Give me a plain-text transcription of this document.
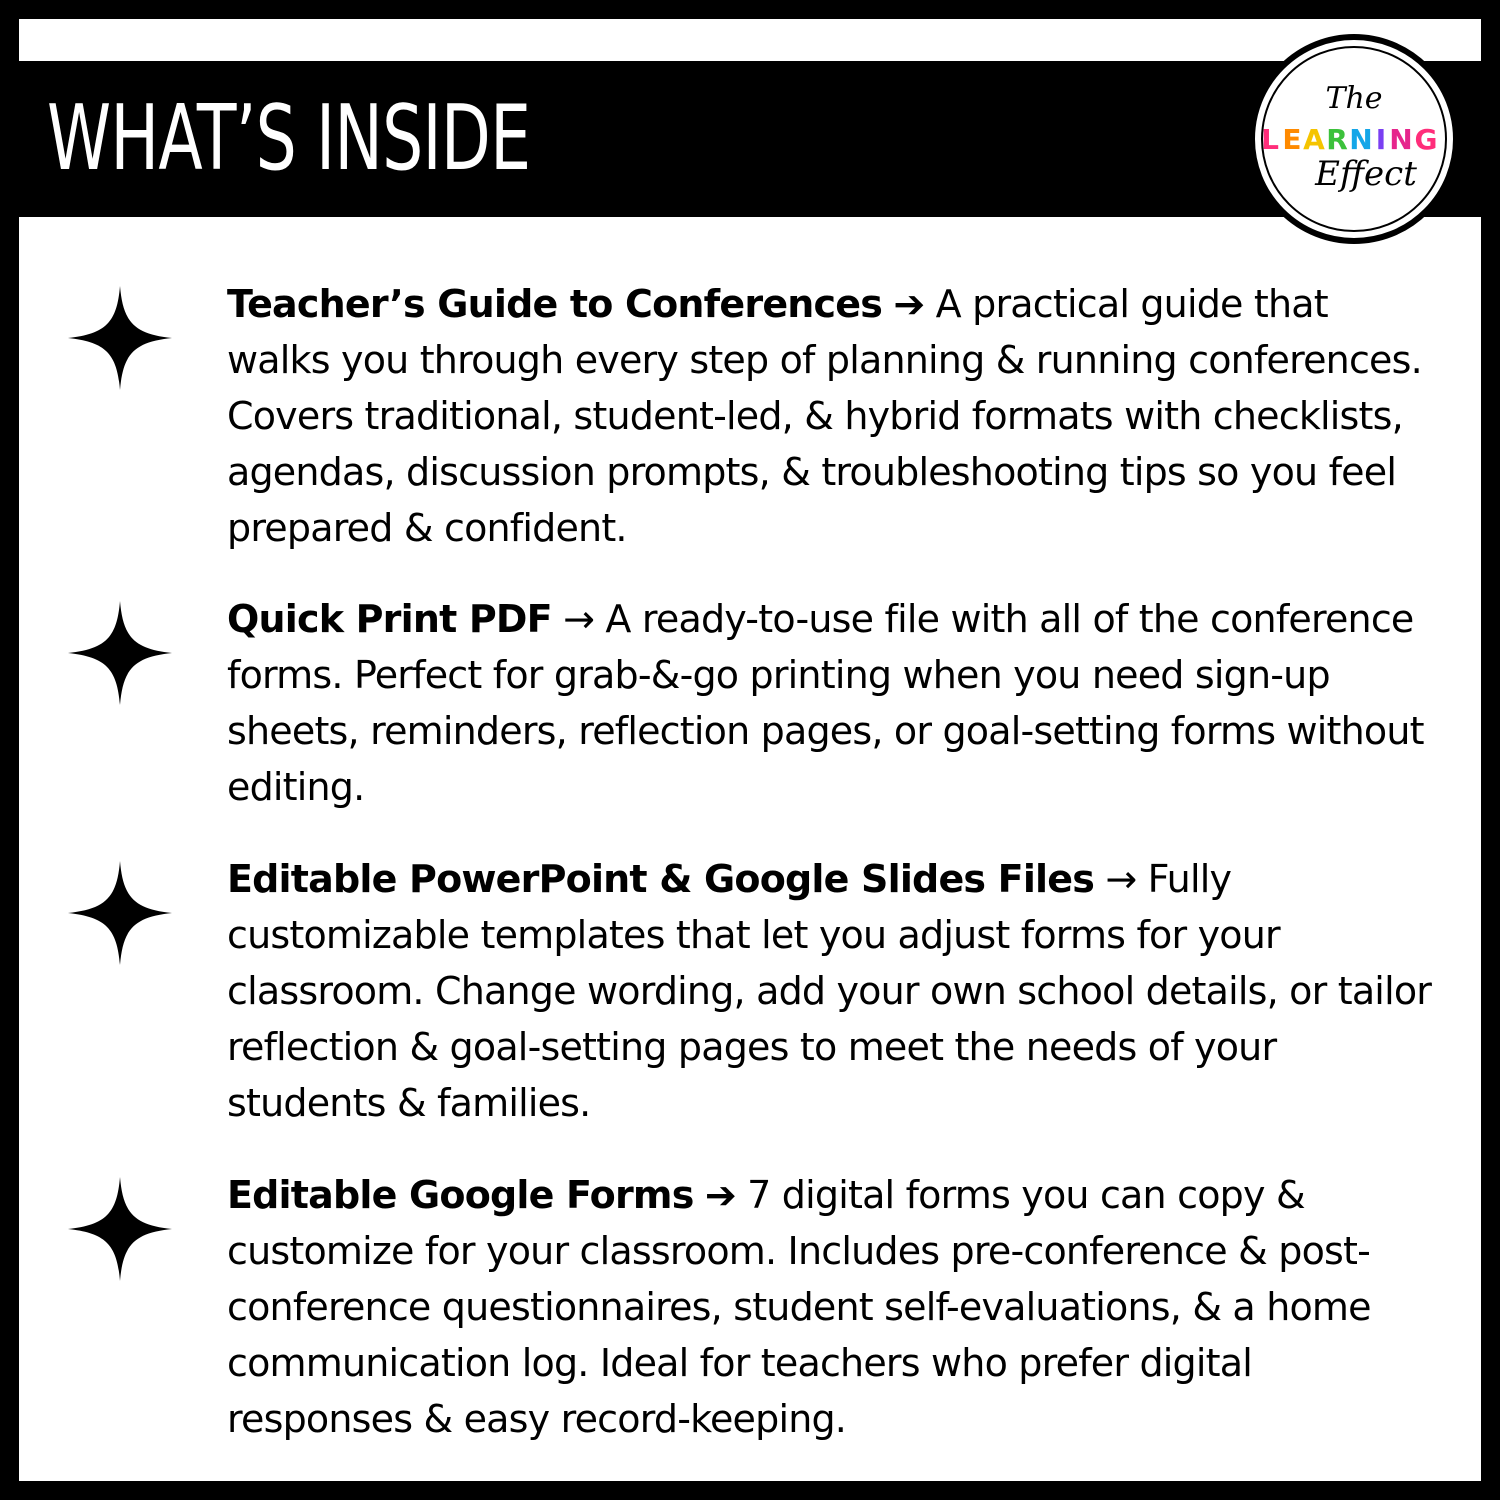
WHAT’S INSIDE	The
L E A R N I N G
Effect

Teacher’s Guide to Conferences ➔ A practical guide that walks you through every step of planning & running conferences. Covers traditional, student-led, & hybrid formats with checklists, agendas, discussion prompts, & troubleshooting tips so you feel prepared & confident.

Quick Print PDF → A ready-to-use file with all of the conference forms. Perfect for grab-&-go printing when you need sign-up sheets, reminders, reflection pages, or goal-setting forms without editing.

Editable PowerPoint & Google Slides Files → Fully customizable templates that let you adjust forms for your classroom. Change wording, add your own school details, or tailor reflection & goal-setting pages to meet the needs of your students & families.

Editable Google Forms ➔ 7 digital forms you can copy & customize for your classroom. Includes pre-conference & post-conference questionnaires, student self-evaluations, & a home communication log. Ideal for teachers who prefer digital responses & easy record-keeping.
